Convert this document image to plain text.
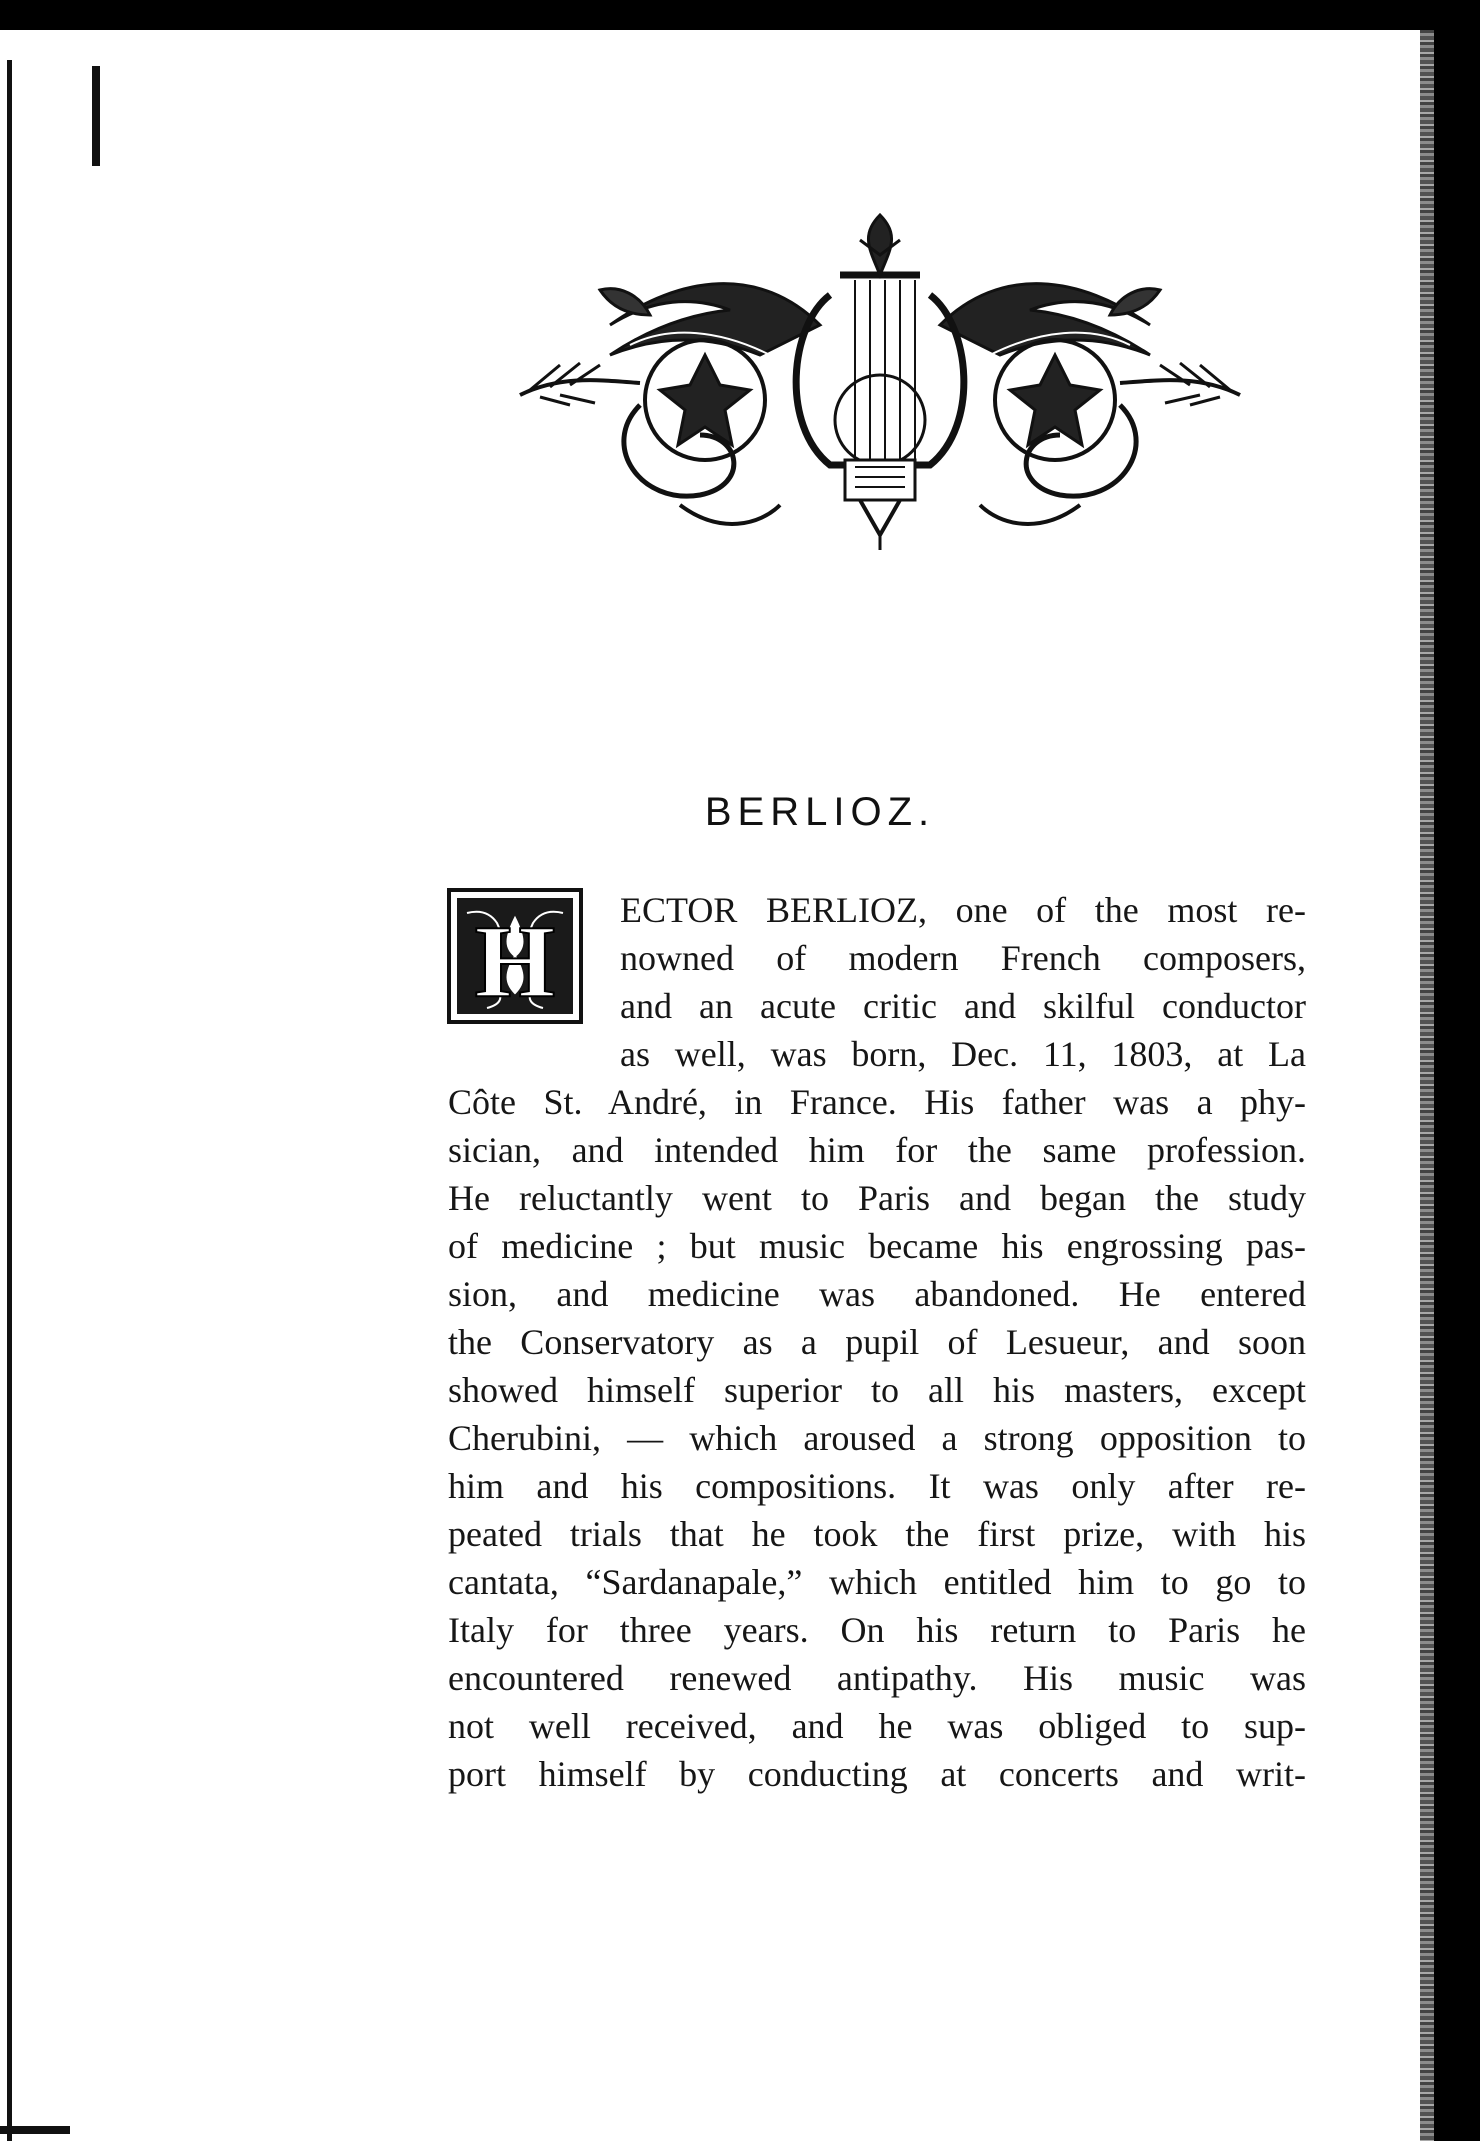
BERLIOZ.
H ECTOR BERLIOZ, one of the most re-
nowned of modern French composers,
and an acute critic and skilful conductor
as well, was born, Dec. 11, 1803, at La
Côte St. André, in France. His father was a phy-
sician, and intended him for the same profession.
He reluctantly went to Paris and began the study
of medicine ; but music became his engrossing pas-
sion, and medicine was abandoned. He entered
the Conservatory as a pupil of Lesueur, and soon
showed himself superior to all his masters, except
Cherubini, — which aroused a strong opposition to
him and his compositions. It was only after re-
peated trials that he took the first prize, with his
cantata, “Sardanapale,” which entitled him to go to
Italy for three years. On his return to Paris he
encountered renewed antipathy. His music was
not well received, and he was obliged to sup-
port himself by conducting at concerts and writ-
